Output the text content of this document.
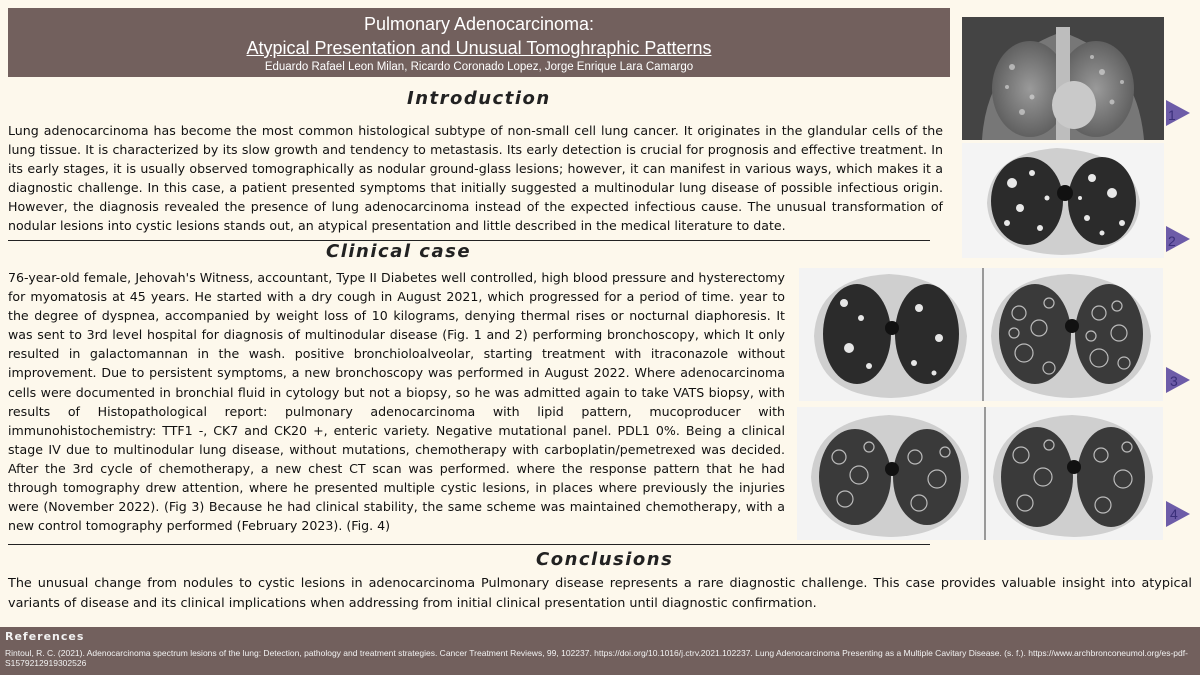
Pulmonary Adenocarcinoma:
Atypical Presentation and Unusual Tomoghraphic Patterns
Eduardo Rafael Leon Milan, Ricardo Coronado Lopez, Jorge Enrique Lara Camargo
Introduction
Lung adenocarcinoma has become the most common histological subtype of non-small cell lung cancer. It originates in the glandular cells of the lung tissue. It is characterized by its slow growth and tendency to metastasis. Its early detection is crucial for prognosis and effective treatment. In its early stages, it is usually observed tomographically as nodular ground-glass lesions; however, it can manifest in various ways, which makes it a diagnostic challenge. In this case, a patient presented symptoms that initially suggested a multinodular lung disease of possible infectious origin. However, the diagnosis revealed the presence of lung adenocarcinoma instead of the expected infectious cause. The unusual transformation of nodular lesions into cystic lesions stands out, an atypical presentation and little described in the medical literature to date.
Clinical case
76-year-old female, Jehovah's Witness, accountant, Type II Diabetes well controlled, high blood pressure and hysterectomy for myomatosis at 45 years. He started with a dry cough in August 2021, which progressed for a period of time. year to the degree of dyspnea, accompanied by weight loss of 10 kilograms, denying thermal rises or nocturnal diaphoresis. It was sent to 3rd level hospital for diagnosis of multinodular disease (Fig. 1 and 2) performing bronchoscopy, which It only resulted in galactomannan in the wash. positive bronchioloalveolar, starting treatment with itraconazole without improvement. Due to persistent symptoms, a new bronchoscopy was performed in August 2022. Where adenocarcinoma cells were documented in bronchial fluid in cytology but not a biopsy, so he was admitted again to take VATS biopsy, with results of Histopathological report: pulmonary adenocarcinoma with lipid pattern, mucoproducer with immunohistochemistry: TTF1 -, CK7 and CK20 +, enteric variety. Negative mutational panel. PDL1 0%. Being a clinical stage IV due to multinodular lung disease, without mutations, chemotherapy with carboplatin/pemetrexed was decided. After the 3rd cycle of chemotherapy, a new chest CT scan was performed. where the response pattern that he had through tomography drew attention, where he presented multiple cystic lesions, in places where previously the injuries were (November 2022). (Fig 3) Because he had clinical stability, the same scheme was maintained chemotherapy, with a new control tomography performed (February 2023). (Fig. 4)
Conclusions
The unusual change from nodules to cystic lesions in adenocarcinoma Pulmonary disease represents a rare diagnostic challenge. This case provides valuable insight into atypical variants of disease and its clinical implications when addressing from initial clinical presentation until diagnostic confirmation.
1
2
3
4
References
Rintoul, R. C. (2021). Adenocarcinoma spectrum lesions of the lung: Detection, pathology and treatment strategies. Cancer Treatment Reviews, 99, 102237. https://doi.org/10.1016/j.ctrv.2021.102237. Lung Adenocarcinoma Presenting as a Multiple Cavitary Disease. (s. f.). https://www.archbronconeumol.org/es-pdf-S1579212919302526
